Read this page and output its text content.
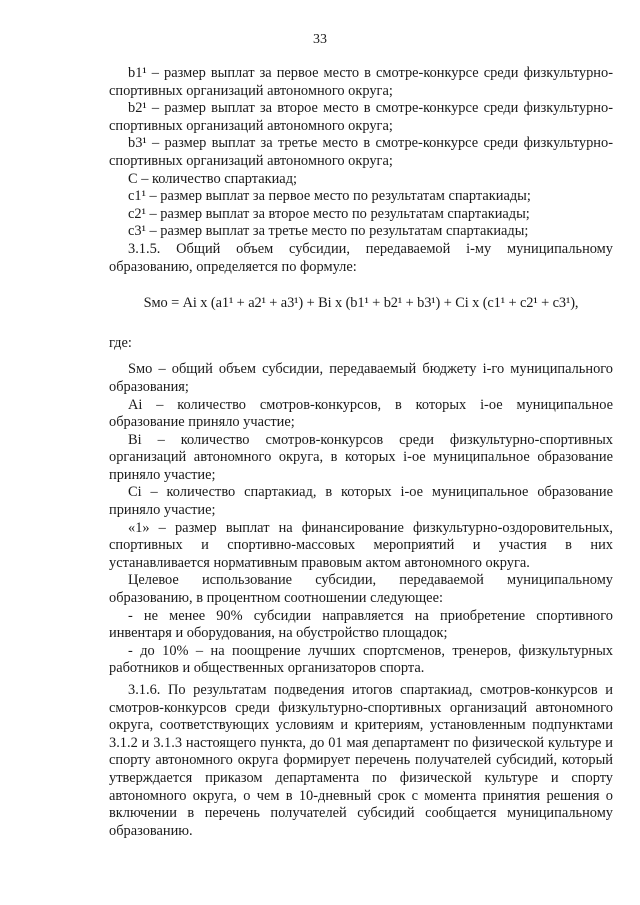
33

b1¹ – размер выплат за первое место в смотре-конкурсе среди физкультурно-спортивных организаций автономного округа;

b2¹ – размер выплат за второе место в смотре-конкурсе среди физкультурно-спортивных организаций автономного округа;

b3¹ – размер выплат за третье место в смотре-конкурсе среди физкультурно-спортивных организаций автономного округа;

С – количество спартакиад;

c1¹ – размер выплат за первое место по результатам спартакиады;

c2¹ – размер выплат за второе место по результатам спартакиады;

c3¹ – размер выплат за третье место по результатам спартакиады;

3.1.5. Общий объем субсидии, передаваемой i-му муниципальному образованию, определяется по формуле:

Sмо = Ai x (a1¹ + a2¹ + a3¹) + Bi x (b1¹ + b2¹ + b3¹) + Ci x (c1¹ + c2¹ + c3¹),

где:

Sмо – общий объем субсидии, передаваемый бюджету i-го муниципального образования;

Ai – количество смотров-конкурсов, в которых i-ое муниципальное образование приняло участие;

Bi – количество смотров-конкурсов среди физкультурно-спортивных организаций автономного округа, в которых i-ое муниципальное образование приняло участие;

Ci – количество спартакиад, в которых i-ое муниципальное образование приняло участие;

«1» – размер выплат на финансирование физкультурно-оздоровительных, спортивных и спортивно-массовых мероприятий и участия в них устанавливается нормативным правовым актом автономного округа.

Целевое использование субсидии, передаваемой муниципальному образованию, в процентном соотношении следующее:

- не менее 90% субсидии направляется на приобретение спортивного инвентаря и оборудования, на обустройство площадок;

- до 10% – на поощрение лучших спортсменов, тренеров, физкультурных работников и общественных организаторов спорта.

3.1.6. По результатам подведения итогов спартакиад, смотров-конкурсов и смотров-конкурсов среди физкультурно-спортивных организаций автономного округа, соответствующих условиям и критериям, установленным подпунктами 3.1.2 и 3.1.3 настоящего пункта, до 01 мая департамент по физической культуре и спорту автономного округа формирует перечень получателей субсидий, который утверждается приказом департамента по физической культуре и спорту автономного округа, о чем в 10-дневный срок с момента принятия решения о включении в перечень получателей субсидий сообщается муниципальному образованию.
